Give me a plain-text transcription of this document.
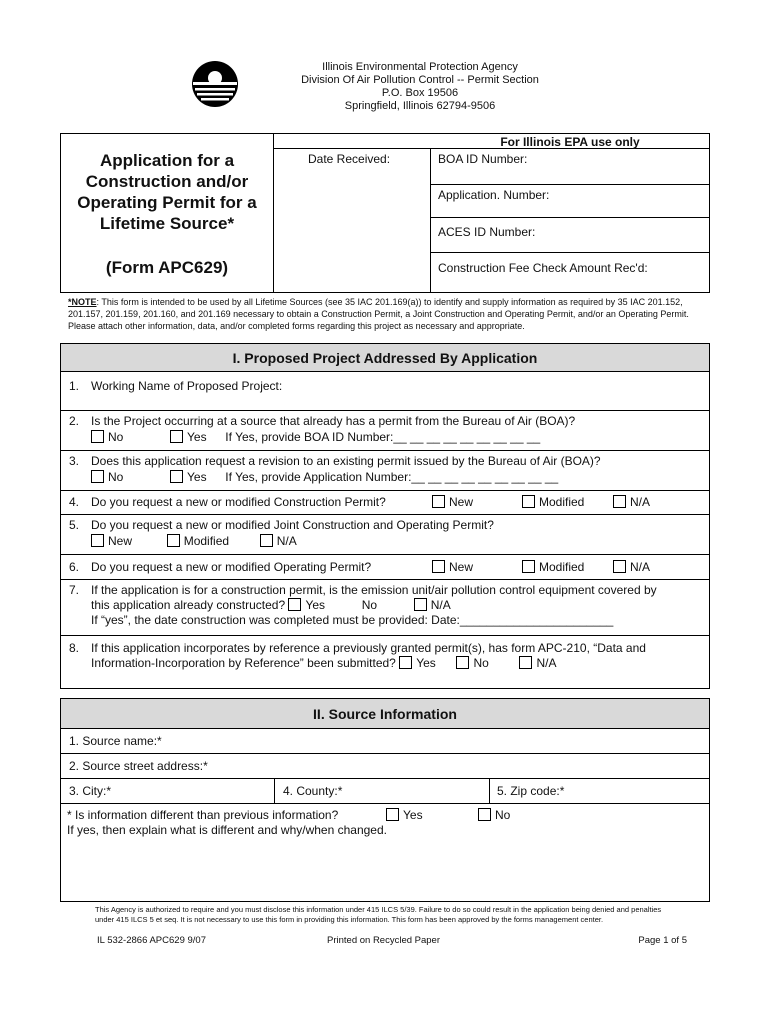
Illinois Environmental Protection Agency
Division Of Air Pollution Control -- Permit Section
P.O. Box 19506
Springfield, Illinois 62794-9506
Application for a
Construction and/or
Operating Permit for a
Lifetime Source*
(Form APC629)
For Illinois EPA use only
Date Received:	BOA ID Number:
Application. Number:
ACES ID Number:
Construction Fee Check Amount Rec'd:
*NOTE: This form is intended to be used by all Lifetime Sources (see 35 IAC 201.169(a)) to identify and supply information as required by 35 IAC 201.152, 201.157, 201.159, 201.160, and 201.169 necessary to obtain a Construction Permit, a Joint Construction and Operating Permit, and/or an Operating Permit. Please attach other information, data, and/or completed forms regarding this project as necessary and appropriate.
I. Proposed Project Addressed By Application
1. Working Name of Proposed Project:
2. Is the Project occurring at a source that already has a permit from the Bureau of Air (BOA)?
No	Yes If Yes, provide BOA ID Number:__ __ __ __ __ __ __ __ __
3. Does this application request a revision to an existing permit issued by the Bureau of Air (BOA)?
No	Yes If Yes, provide Application Number:__ __ __ __ __ __ __ __ __
4. Do you request a new or modified Construction Permit?	New	Modified	N/A
5. Do you request a new or modified Joint Construction and Operating Permit?
New	Modified	N/A
6. Do you request a new or modified Operating Permit?	New	Modified	N/A
7. If the application is for a construction permit, is the emission unit/air pollution control equipment covered by
this application already constructed? Yes	No	N/A
If “yes”, the date construction was completed must be provided: Date:_______________________
8. If this application incorporates by reference a previously granted permit(s), has form APC-210, “Data and
Information-Incorporation by Reference” been submitted? Yes	No	N/A
II. Source Information
1. Source name:*
2. Source street address:*
3. City:*	4. County:*	5. Zip code:*
* Is information different than previous information?	Yes	No
If yes, then explain what is different and why/when changed.
This Agency is authorized to require and you must disclose this information under 415 ILCS 5/39. Failure to do so could result in the application being denied and penalties under 415 ILCS 5 et seq. It is not necessary to use this form in providing this information. This form has been approved by the forms management center.
IL 532-2866 APC629 9/07	Printed on Recycled Paper	Page 1 of 5
